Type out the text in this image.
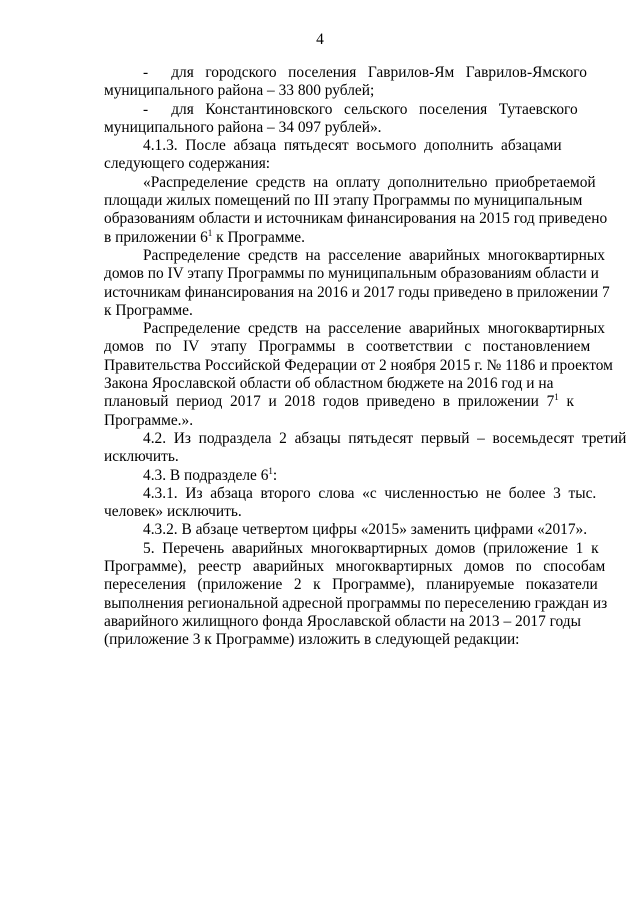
4
-      для   городского   поселения   Гаврилов-Ям   Гаврилов-Ямского
муниципального района – 33 800 рублей;
-      для   Константиновского   сельского   поселения   Тутаевского
муниципального района – 34 097 рублей».
4.1.3.  После  абзаца  пятьдесят  восьмого  дополнить  абзацами
следующего содержания:
«Распределение  средств  на  оплату  дополнительно  приобретаемой
площади жилых помещений по III этапу Программы по муниципальным
образованиям области и источникам финансирования на 2015 год приведено
в приложении $6^1$ к Программе.
Распределение  средств  на  расселение  аварийных  многоквартирных
домов по IV этапу Программы по муниципальным образованиям области и
источникам финансирования на 2016 и 2017 годы приведено в приложении 7
к Программе.
Распределение  средств  на  расселение  аварийных  многоквартирных
домов   по   IV   этапу   Программы   в   соответствии   с   постановлением
Правительства Российской Федерации от 2 ноября 2015 г. № 1186 и проектом
Закона Ярославской области об областном бюджете на 2016 год и на
плановый  период  2017  и  2018  годов  приведено  в  приложении  $7^1$  к
Программе.».
4.2.  Из  подраздела  2  абзацы  пятьдесят  первый  –  восемьдесят  третий
исключить.
4.3. В подразделе $6^1$:
4.3.1.  Из  абзаца  второго  слова  «с  численностью  не  более  3  тыс.
человек» исключить.
4.3.2. В абзаце четвертом цифры «2015» заменить цифрами «2017».
5.  Перечень  аварийных  многоквартирных  домов  (приложение  1  к
Программе),   реестр   аварийных   многоквартирных   домов   по   способам
переселения   (приложение   2   к   Программе),   планируемые   показатели
выполнения региональной адресной программы по переселению граждан из
аварийного жилищного фонда Ярославской области на 2013 – 2017 годы
(приложение 3 к Программе) изложить в следующей редакции:
